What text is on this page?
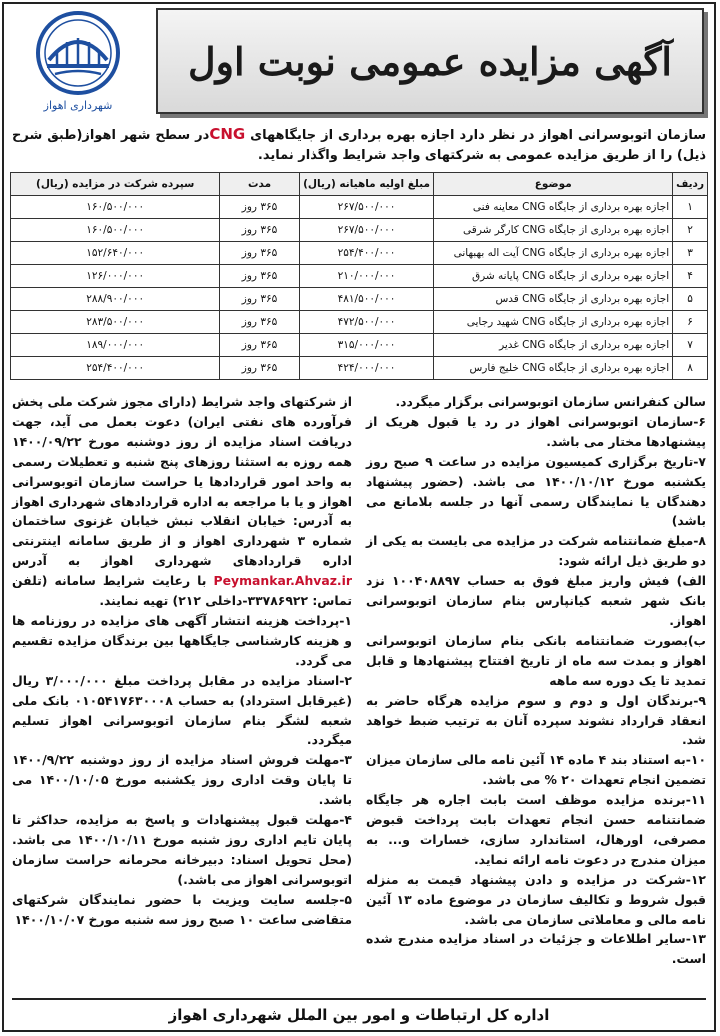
شهرداری اهواز
آگهی مزایده عمومی نوبت اول
سازمان اتوبوسرانی اهواز در نظر دارد اجازه بهره برداری از جایگاههای CNGدر سطح شهر اهواز(طبق شرح ذیل) را از طریق مزایده عمومی به شرکتهای واجد شرایط واگذار نماید.
ردیف	موضوع	مبلغ اولیه ماهیانه (ریال)	مدت	سپرده شرکت در مزایده (ریال)
۱	اجازه بهره برداری از جایگاه CNG معاینه فنی	۲۶۷/۵۰۰/۰۰۰	۳۶۵ روز	۱۶۰/۵۰۰/۰۰۰
۲	اجازه بهره برداری از جایگاه CNG کارگر شرقی	۲۶۷/۵۰۰/۰۰۰	۳۶۵ روز	۱۶۰/۵۰۰/۰۰۰
۳	اجازه بهره برداری از جایگاه CNG آیت اله بهبهانی	۲۵۴/۴۰۰/۰۰۰	۳۶۵ روز	۱۵۲/۶۴۰/۰۰۰
۴	اجازه بهره برداری از جایگاه CNG پایانه شرق	۲۱۰/۰۰۰/۰۰۰	۳۶۵ روز	۱۲۶/۰۰۰/۰۰۰
۵	اجازه بهره برداری از جایگاه CNG قدس	۴۸۱/۵۰۰/۰۰۰	۳۶۵ روز	۲۸۸/۹۰۰/۰۰۰
۶	اجازه بهره برداری از جایگاه CNG شهید رجایی	۴۷۲/۵۰۰/۰۰۰	۳۶۵ روز	۲۸۳/۵۰۰/۰۰۰
۷	اجازه بهره برداری از جایگاه CNG غدیر	۳۱۵/۰۰۰/۰۰۰	۳۶۵ روز	۱۸۹/۰۰۰/۰۰۰
۸	اجازه بهره برداری از جایگاه CNG خلیج فارس	۴۲۴/۰۰۰/۰۰۰	۳۶۵ روز	۲۵۴/۴۰۰/۰۰۰

از شرکتهای واجد شرایط (دارای مجوز شرکت ملی پخش فرآورده های نفتی ایران) دعوت بعمل می آید، جهت دریافت اسناد مزایده از روز دوشنبه مورخ ۱۴۰۰/۰۹/۲۲ همه روزه به استثنا روزهای پنج شنبه و تعطیلات رسمی به واحد امور قراردادها یا حراست سازمان اتوبوسرانی اهواز و یا با مراجعه به اداره قراردادهای شهرداری اهواز به آدرس: خیابان انقلاب نبش خیابان غزنوی ساختمان شماره ۳ شهرداری اهواز و از طریق سامانه اینترنتی اداره قراردادهای شهرداری اهواز به آدرس Peymankar.Ahvaz.ir با رعایت شرایط سامانه (تلفن تماس: ۳۳۷۸۶۹۲۲-داخلی ۲۱۲) تهیه نمایند.

۱-پرداخت هزینه انتشار آگهی های مزایده در روزنامه ها و هزینه کارشناسی جایگاهها بین برندگان مزایده تقسیم می گردد.

۲-اسناد مزایده در مقابل پرداخت مبلغ ۳/۰۰۰/۰۰۰ ریال (غیرقابل استرداد) به حساب ۰۱۰۵۴۱۷۶۳۰۰۰۸ بانک ملی شعبه لشگر بنام سازمان اتوبوسرانی اهواز تسلیم میگردد.

۳-مهلت فروش اسناد مزایده از روز دوشنبه ۱۴۰۰/۹/۲۲ تا پایان وقت اداری روز یکشنبه مورخ ۱۴۰۰/۱۰/۰۵ می باشد.

۴-مهلت قبول پیشنهادات و پاسخ به مزایده، حداکثر تا پایان تایم اداری روز شنبه مورخ ۱۴۰۰/۱۰/۱۱ می باشد. (محل تحویل اسناد: دبیرخانه محرمانه حراست سازمان اتوبوسرانی اهواز می باشد.)

۵-جلسه سایت ویزیت با حضور نمایندگان شرکتهای متقاضی ساعت ۱۰ صبح روز سه شنبه مورخ ۱۴۰۰/۱۰/۰۷

سالن کنفرانس سازمان اتوبوسرانی برگزار میگردد.

۶-سازمان اتوبوسرانی اهواز در رد یا قبول هریک از پیشنهادها مختار می باشد.

۷-تاریخ برگزاری کمیسیون مزایده در ساعت ۹ صبح روز یکشنبه مورخ ۱۴۰۰/۱۰/۱۲ می باشد. (حضور پیشنهاد دهندگان یا نمایندگان رسمی آنها در جلسه بلامانع می باشد)

۸-مبلغ ضمانتنامه شرکت در مزایده می بایست به یکی از دو طریق ذیل ارائه شود:

الف) فیش واریز مبلغ فوق به حساب ۱۰۰۴۰۸۸۹۷ نزد بانک شهر شعبه کیانپارس بنام سازمان اتوبوسرانی اهواز.

ب)بصورت ضمانتنامه بانکی بنام سازمان اتوبوسرانی اهواز و بمدت سه ماه از تاریخ افتتاح پیشنهادها و قابل تمدید تا یک دوره سه ماهه

۹-برندگان اول و دوم و سوم مزایده هرگاه حاضر به انعقاد قرارداد نشوند سپرده آنان به ترتیب ضبط خواهد شد.

۱۰-به استناد بند ۴ ماده ۱۴ آئین نامه مالی سازمان میزان تضمین انجام تعهدات ۲۰ % می باشد.

۱۱-برنده مزایده موظف است بابت اجاره هر جایگاه ضمانتنامه حسن انجام تعهدات بابت پرداخت قبوض مصرفی، اورهال، استاندارد سازی، خسارات و... به میزان مندرج در دعوت نامه ارائه نماید.

۱۲-شرکت در مزایده و دادن پیشنهاد قیمت به منزله قبول شروط و تکالیف سازمان در موضوع ماده ۱۳ آئین نامه مالی و معاملاتی سازمان می باشد.

۱۳-سایر اطلاعات و جزئیات در اسناد مزایده مندرج شده است.

اداره کل ارتباطات و امور بین الملل شهرداری اهواز
